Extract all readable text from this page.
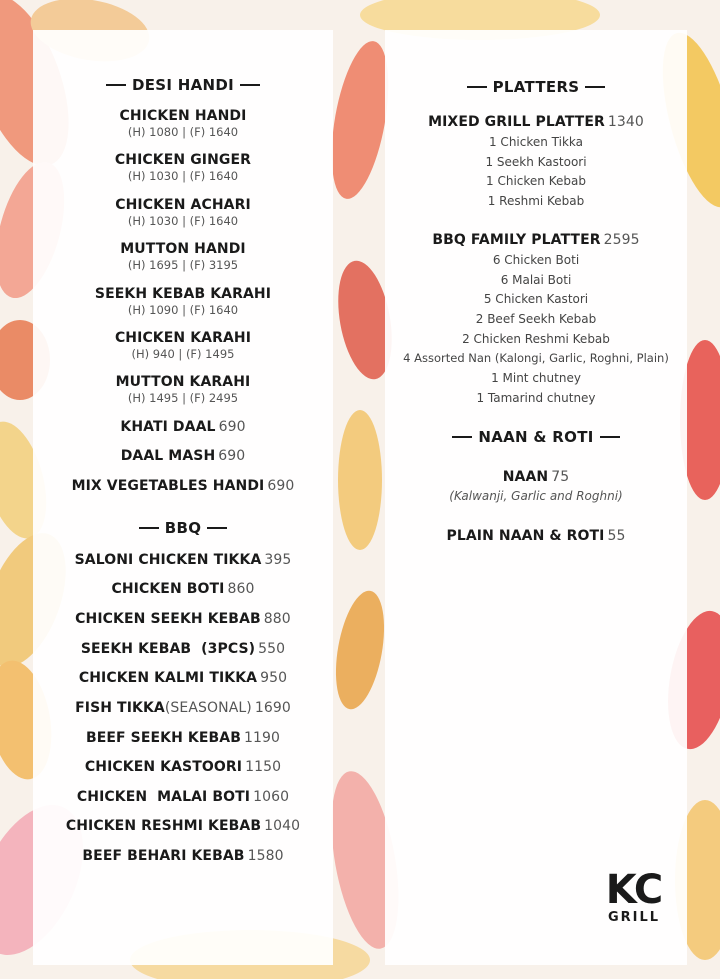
DESI HANDI
CHICKEN HANDI
(H) 1080 | (F) 1640
CHICKEN GINGER
(H) 1030 | (F) 1640
CHICKEN ACHARI
(H) 1030 | (F) 1640
MUTTON HANDI
(H) 1695 | (F) 3195
SEEKH KEBAB KARAHI
(H) 1090 | (F) 1640
CHICKEN KARAHI
(H) 940 | (F) 1495
MUTTON KARAHI
(H) 1495 | (F) 2495
KHATI DAAL 690
DAAL MASH 690
MIX VEGETABLES HANDI 690
BBQ
SALONI CHICKEN TIKKA 395
CHICKEN BOTI 860
CHICKEN SEEKH KEBAB 880
SEEKH KEBAB  (3PCS) 550
CHICKEN KALMI TIKKA 950
FISH TIKKA(SEASONAL) 1690
BEEF SEEKH KEBAB 1190
CHICKEN KASTOORI 1150
CHICKEN  MALAI BOTI 1060
CHICKEN RESHMI KEBAB 1040
BEEF BEHARI KEBAB 1580
PLATTERS
MIXED GRILL PLATTER 1340
1 Chicken Tikka
1 Seekh Kastoori
1 Chicken Kebab
1 Reshmi Kebab
BBQ FAMILY PLATTER 2595
6 Chicken Boti
6 Malai Boti
5 Chicken Kastori
2 Beef Seekh Kebab
2 Chicken Reshmi Kebab
4 Assorted Nan (Kalongi, Garlic, Roghni, Plain)
1 Mint chutney
1 Tamarind chutney
NAAN & ROTI
NAAN 75
(Kalwanji, Garlic and Roghni)
PLAIN NAAN & ROTI 55
KC
GRILL
